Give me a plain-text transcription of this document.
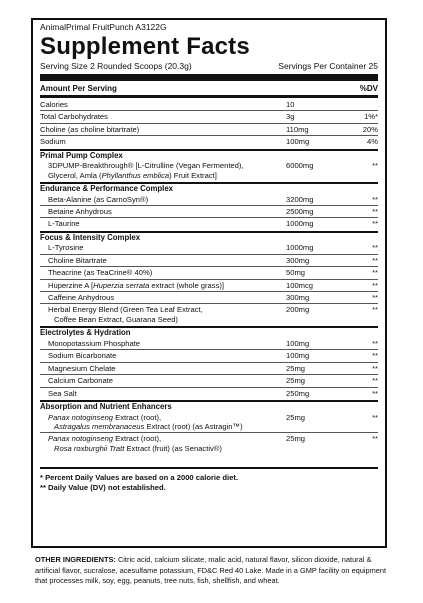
AnimalPrimal FruitPunch A3122G
Supplement Facts
Serving Size 2 Rounded Scoops (20.3g)	Servings Per Container 25
Amount Per Serving	%DV
Calories	10
Total Carbohydrates	3g	1%*
Choline (as choline bitartrate)	110mg	20%
Sodium	100mg	4%
Primal Pump Complex
3DPUMP-Breakthrough® [L-Citrulline (Vegan Fermented),
Glycerol, Amla (Phyllanthus emblica) Fruit Extract]
6000mg	**
Endurance & Performance Complex
Beta-Alanine (as CarnoSyn®)	3200mg	**
Betaine Anhydrous	2500mg	**
L-Taurine	1000mg	**
Focus & Intensity Complex
L-Tyrosine	1000mg	**
Choline Bitartrate	300mg	**
Theacrine (as TeaCrine® 40%)	50mg	**
Huperzine A [Huperzia serrata extract (whole grass)]	100mcg	**
Caffeine Anhydrous	300mg	**
Herbal Energy Blend (Green Tea Leaf Extract,
Coffee Bean Extract, Guarana Seed)
200mg	**
Electrolytes & Hydration
Monopotassium Phosphate	100mg	**
Sodium Bicarbonate	100mg	**
Magnesium Chelate	25mg	**
Calcium Carbonate	25mg	**
Sea Salt	250mg	**
Absorption and Nutrient Enhancers
Panax notoginseng Extract (root),
Astragalus membranaceus Extract (root) (as Astragin™)
25mg	**
Panax notoginseng Extract (root),
Rosa roxburghii Tratt Extract (fruit) (as Senactiv®)
25mg	**
* Percent Daily Values are based on a 2000 calorie diet.
** Daily Value (DV) not established.
OTHER INGREDIENTS: Citric acid, calcium silicate, malic acid, natural flavor, silicon dioxide, natural & artificial flavor, sucralose, acesulfame potassium, FD&C Red 40 Lake. Made in a GMP facility on equipment that processes milk, soy, egg, peanuts, tree nuts, fish, shellfish, and wheat.
